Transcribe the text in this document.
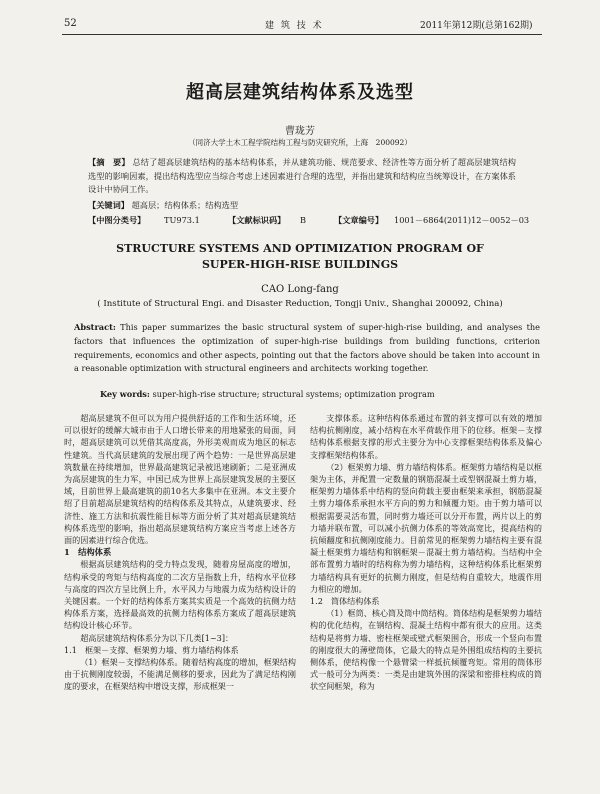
52	建 筑 技 术	2011年第12期(总第162期)
超高层建筑结构体系及选型
曹珑芳
（同济大学土木工程学院结构工程与防灾研究所，上海　200092）
【摘　要】 总结了超高层建筑结构的基本结构体系，并从建筑功能、规范要求、经济性等方面分析了超高层建筑结构选型的影响因素，提出结构选型应当综合考虑上述因素进行合理的选型，并指出建筑和结构应当统筹设计，在方案体系设计中协同工作。
【关键词】 超高层；结构体系；结构选型
【中图分类号】 TU973.1	【文献标识码】 B	【文章编号】 1001－6864(2011)12－0052－03
STRUCTURE SYSTEMS AND OPTIMIZATION PROGRAM OF
SUPER-HIGH-RISE BUILDINGS
CAO Long-fang
( Institute of Structural Engi. and Disaster Reduction, Tongji Univ., Shanghai 200092, China)
Abstract: This paper summarizes the basic structural system of super-high-rise building, and analyses the factors that influences the optimization of super-high-rise buildings from building functions, criterion requirements, economics and other aspects, pointing out that the factors above should be taken into account in a reasonable optimization with structural engineers and architects working together.
Key words: super-high-rise structure; structural systems; optimization program

超高层建筑不但可以为用户提供舒适的工作和生活环境，还可以很好的缓解大城市由于人口增长带来的用地紧张的局面，同时，超高层建筑可以凭借其高度高，外形美观而成为地区的标志性建筑。当代高层建筑的发展出现了两个趋势：一是世界高层建筑数量在持续增加，世界最高建筑记录被迅速刷新；二是亚洲成为高层建筑的生力军，中国已成为世界上高层建筑发展的主要区域，目前世界上最高建筑的前10名大多集中在亚洲。本文主要介绍了目前超高层建筑结构的结构体系及其特点，从建筑要求、经济性、施工方法和抗震性能目标等方面分析了其对超高层建筑结构体系选型的影响，指出超高层建筑结构方案应当考虑上述各方面的因素进行综合优选。

1　结构体系

根据高层建筑结构的受力特点发现，随着房屋高度的增加，结构承受的弯矩与结构高度的二次方呈指数上升，结构水平位移与高度的四次方呈比例上升，水平风力与地震力成为结构设计的关键因素。一个好的结构体系方案其实质是一个高效的抗侧力结构体系方案，选择最高效的抗侧力结构体系方案成了超高层建筑结构设计核心环节。

超高层建筑结构体系分为以下几类[1~3]：

1.1　框架－支撑、框架剪力墙、剪力墙结构体系

（1）框架－支撑结构体系。随着结构高度的增加，框架结构由于抗侧刚度较弱，不能满足侧移的要求，因此为了满足结构刚度的要求，在框架结构中增设支撑，形成框架一

支撑体系。这种结构体系通过布置的斜支撑可以有效的增加结构抗侧刚度，减小结构在水平荷载作用下的位移。框架－支撑结构体系根据支撑的形式主要分为中心支撑框架结构体系及偏心支撑框架结构体系。

（2）框架剪力墙、剪力墙结构体系。框架剪力墙结构是以框架为主体，并配置一定数量的钢筋混凝土或型钢混凝土剪力墙，框架剪力墙体系中结构的竖向荷载主要由框架来承担，钢筋混凝土剪力墙体系承担水平方向的剪力和倾覆力矩。由于剪力墙可以根据需要灵活布置，同时剪力墙还可以分开布置，两片以上的剪力墙并联布置，可以减小抗侧力体系的等效高宽比，提高结构的抗倾翻度和抗侧刚度能力。目前常见的框架剪力墙结构主要有混凝土框架剪力墙结构和钢框架－混凝土剪力墙结构。当结构中全部布置剪力墙时的结构称为剪力墙结构，这种结构体系比框架剪力墙结构具有更好的抗侧力刚度，但是结构自重较大，地震作用力相应的增加。

1.2　筒体结构体系

（1）框筒、核心筒及筒中筒结构。筒体结构是框架剪力墙结构的优化结构，在钢结构、混凝土结构中都有很大的应用。这类结构是将剪力墙、密柱框架或壁式框架围合，形成一个竖向布置的刚度很大的薄壁筒体，它最大的特点是外围组成结构的主要抗侧体系，使结构像一个悬臂梁一样抵抗倾覆弯矩。常用的筒体形式一般可分为两类：一类是由建筑外围的深梁和密排柱构成的筒状空间框架，称为
